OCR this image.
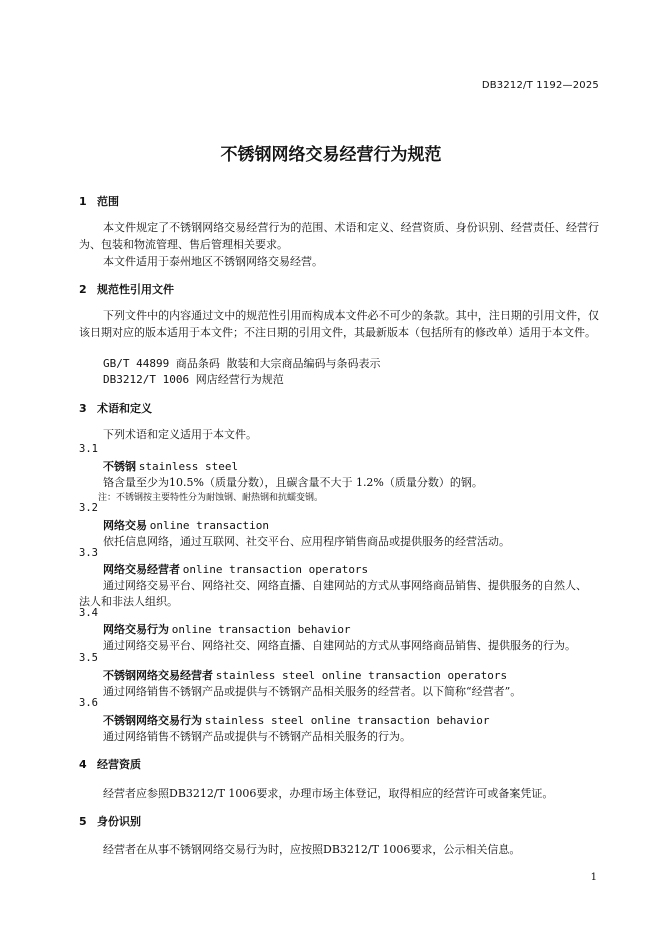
DB3212/T 1192—2025
不锈钢网络交易经营行为规范
1 范围
本文件规定了不锈钢网络交易经营行为的范围、术语和定义、经营资质、身份识别、经营责任、经营行为、包装和物流管理、售后管理相关要求。
本文件适用于泰州地区不锈钢网络交易经营。
2 规范性引用文件
下列文件中的内容通过文中的规范性引用而构成本文件必不可少的条款。其中，注日期的引用文件，仅该日期对应的版本适用于本文件；不注日期的引用文件，其最新版本（包括所有的修改单）适用于本文件。
GB/T 44899 商品条码 散装和大宗商品编码与条码表示
DB3212/T 1006 网店经营行为规范
3 术语和定义
下列术语和定义适用于本文件。
3.1
不锈钢 stainless steel
铬含量至少为10.5%（质量分数），且碳含量不大于 1.2%（质量分数）的钢。
注：不锈钢按主要特性分为耐蚀钢、耐热钢和抗蠕变钢。
3.2
网络交易 online transaction
依托信息网络，通过互联网、社交平台、应用程序销售商品或提供服务的经营活动。
3.3
网络交易经营者 online transaction operators
通过网络交易平台、网络社交、网络直播、自建网站的方式从事网络商品销售、提供服务的自然人、
法人和非法人组织。
3.4
网络交易行为 online transaction behavior
通过网络交易平台、网络社交、网络直播、自建网站的方式从事网络商品销售、提供服务的行为。
3.5
不锈钢网络交易经营者 stainless steel online transaction operators
通过网络销售不锈钢产品或提供与不锈钢产品相关服务的经营者。以下简称“经营者”。
3.6
不锈钢网络交易行为 stainless steel online transaction behavior
通过网络销售不锈钢产品或提供与不锈钢产品相关服务的行为。
4 经营资质
经营者应参照DB3212/T 1006要求，办理市场主体登记，取得相应的经营许可或备案凭证。
5 身份识别
经营者在从事不锈钢网络交易行为时，应按照DB3212/T 1006要求，公示相关信息。
1
